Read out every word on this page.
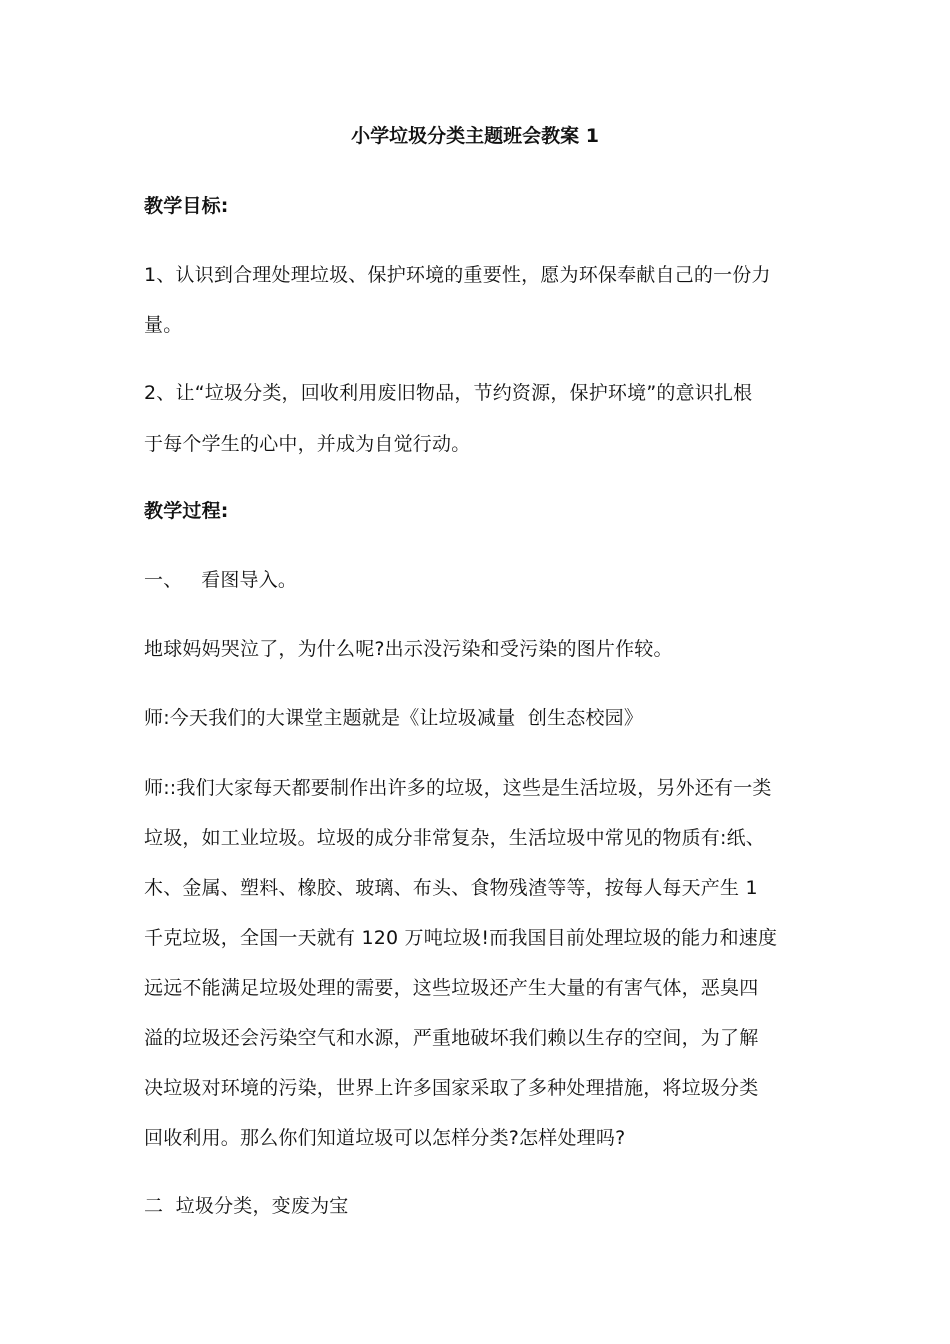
小学垃圾分类主题班会教案 1
教学目标:
1、认识到合理处理垃圾、保护环境的重要性，愿为环保奉献自己的一份力
量。
2、让“垃圾分类，回收利用废旧物品，节约资源，保护环境”的意识扎根
于每个学生的心中，并成为自觉行动。
教学过程:
一、   看图导入。
地球妈妈哭泣了，为什么呢?出示没污染和受污染的图片作较。
师:今天我们的大课堂主题就是《让垃圾减量  创生态校园》
师::我们大家每天都要制作出许多的垃圾，这些是生活垃圾，另外还有一类
垃圾，如工业垃圾。垃圾的成分非常复杂，生活垃圾中常见的物质有:纸、
木、金属、塑料、橡胶、玻璃、布头、食物残渣等等，按每人每天产生 1
千克垃圾，全国一天就有 120 万吨垃圾!而我国目前处理垃圾的能力和速度
远远不能满足垃圾处理的需要，这些垃圾还产生大量的有害气体，恶臭四
溢的垃圾还会污染空气和水源，严重地破坏我们赖以生存的空间，为了解
决垃圾对环境的污染，世界上许多国家采取了多种处理措施，将垃圾分类
回收利用。那么你们知道垃圾可以怎样分类?怎样处理吗?
二  垃圾分类，变废为宝
